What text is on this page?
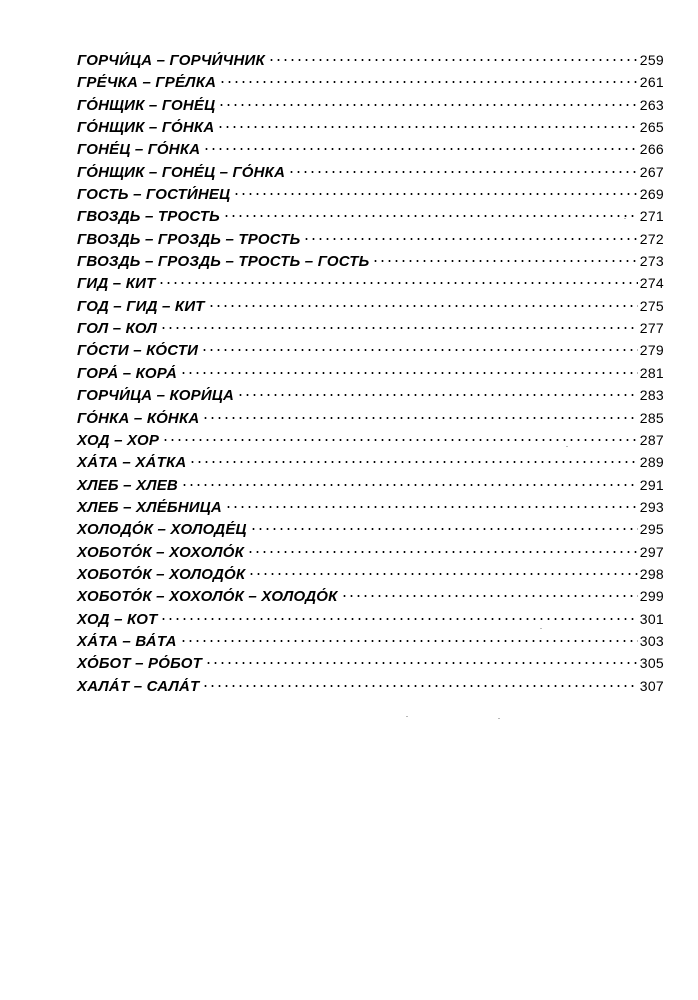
ГОРЧИ́ЦА – ГОРЧИ́ЧНИК	259
ГРЕ́ЧКА – ГРЕ́ЛКА	261
ГО́НЩИК – ГОНЕ́Ц	263
ГО́НЩИК – ГО́НКА	265
ГОНЕ́Ц – ГО́НКА	266
ГО́НЩИК – ГОНЕ́Ц – ГО́НКА	267
ГОСТЬ – ГОСТИ́НЕЦ	269
ГВОЗДЬ – ТРОСТЬ	271
ГВОЗДЬ – ГРОЗДЬ – ТРОСТЬ	272
ГВОЗДЬ – ГРОЗДЬ – ТРОСТЬ – ГОСТЬ	273
ГИД – КИТ	274
ГОД – ГИД – КИТ	275
ГОЛ – КОЛ	277
ГО́СТИ – КО́СТИ	279
ГОРА́ – КОРА́	281
ГОРЧИ́ЦА – КОРИ́ЦА	283
ГО́НКА – КО́НКА	285
ХОД – ХОР	287
ХА́ТА – ХА́ТКА	289
ХЛЕБ – ХЛЕВ	291
ХЛЕБ – ХЛЕ́БНИЦА	293
ХОЛОДО́К – ХОЛОДЕ́Ц	295
ХОБОТО́К – ХОХОЛО́К	297
ХОБОТО́К – ХОЛОДО́К	298
ХОБОТО́К – ХОХОЛО́К – ХОЛОДО́К	299
ХОД – КОТ	301
ХА́ТА – ВА́ТА	303
ХО́БОТ – РО́БОТ	305
ХАЛА́Т – САЛА́Т	307
